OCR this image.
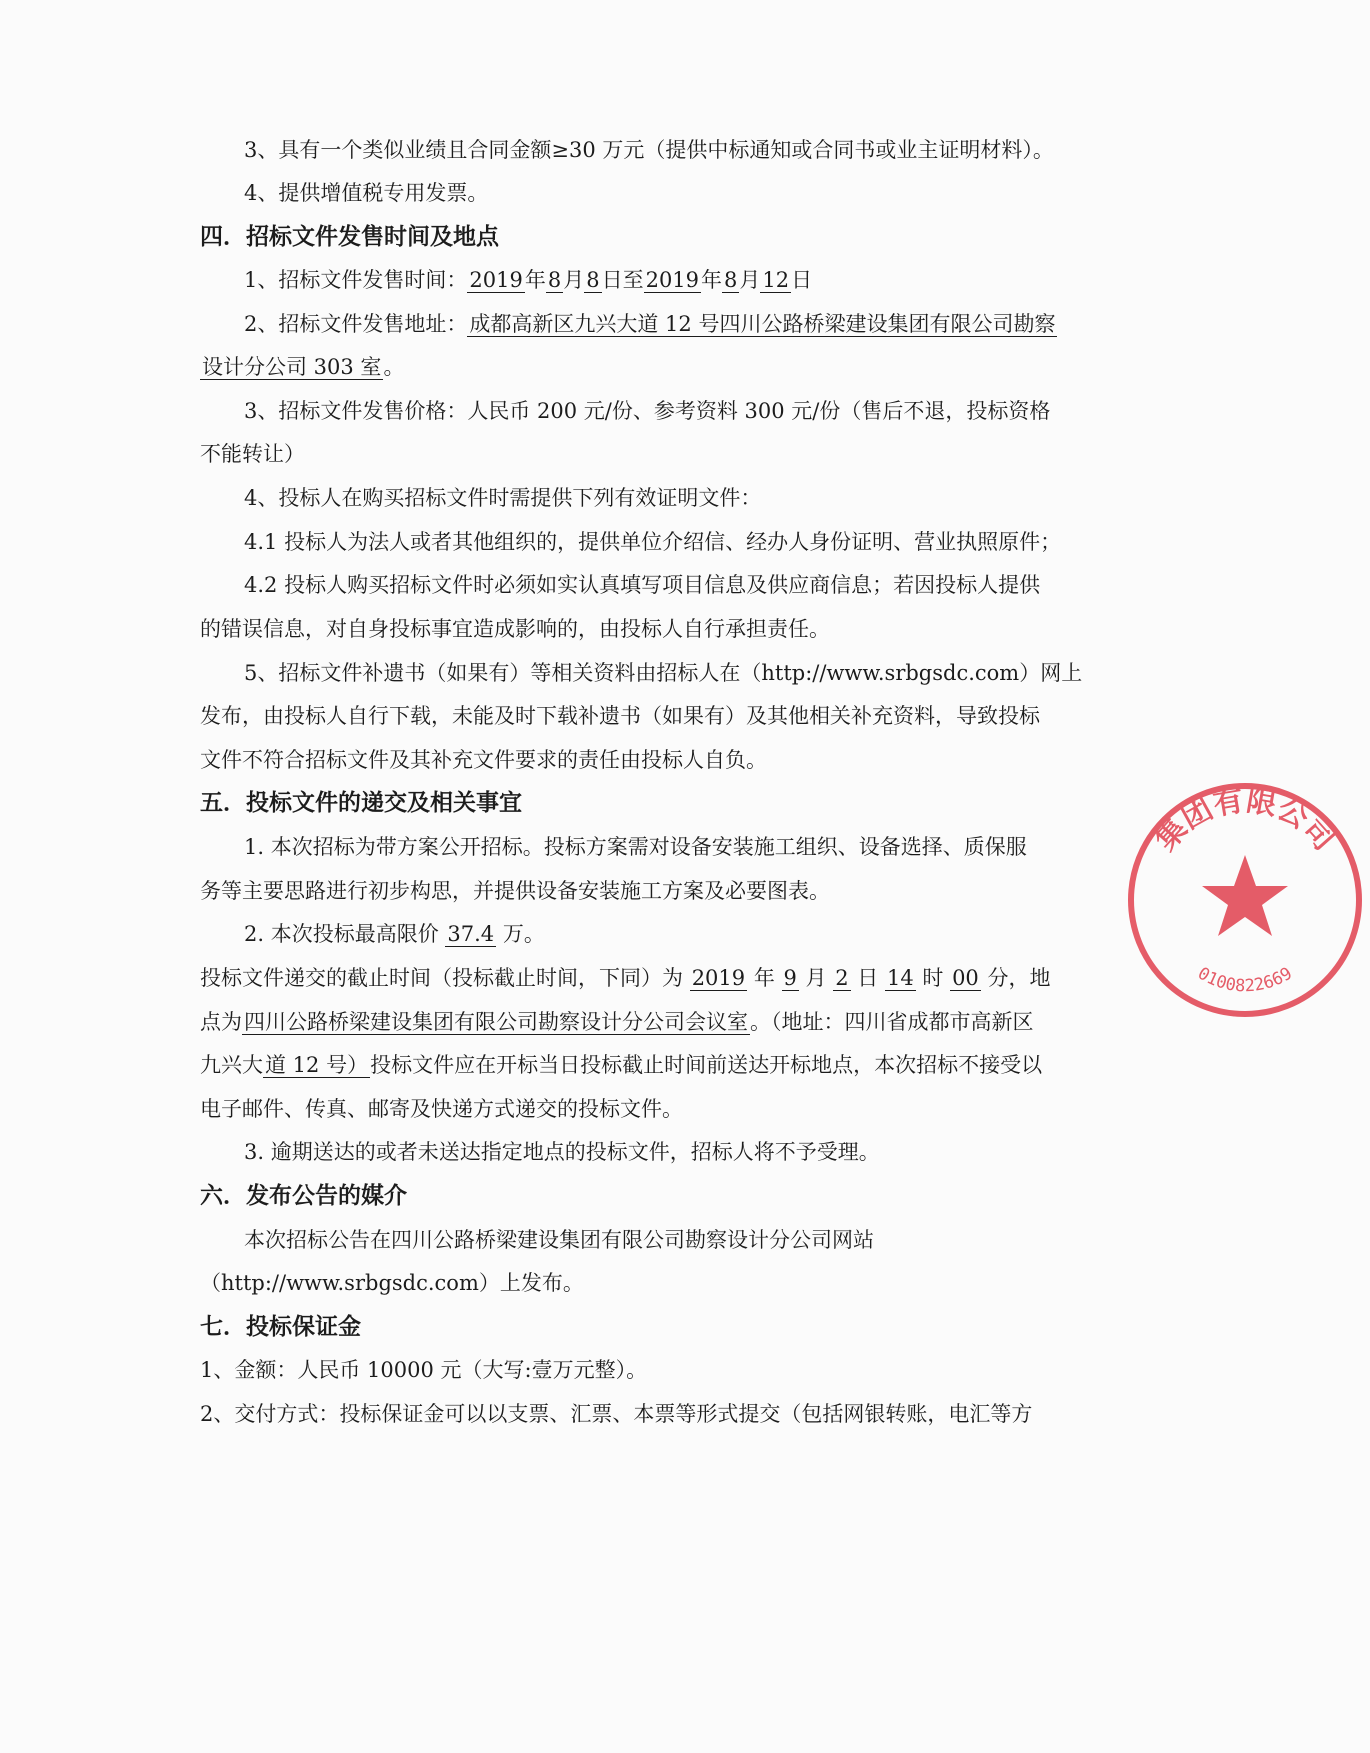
3、具有一个类似业绩且合同金额≥30 万元（提供中标通知或合同书或业主证明材料）。
4、提供增值税专用发票。
四．招标文件发售时间及地点
1、招标文件发售时间：2019年8月8日至2019年8月12日
2、招标文件发售地址：成都高新区九兴大道 12 号四川公路桥梁建设集团有限公司勘察
设计分公司 303 室。
3、招标文件发售价格：人民币 200 元/份、参考资料 300 元/份（售后不退，投标资格
不能转让）
4、投标人在购买招标文件时需提供下列有效证明文件：
4.1 投标人为法人或者其他组织的，提供单位介绍信、经办人身份证明、营业执照原件；
4.2 投标人购买招标文件时必须如实认真填写项目信息及供应商信息；若因投标人提供
的错误信息，对自身投标事宜造成影响的，由投标人自行承担责任。
5、招标文件补遗书（如果有）等相关资料由招标人在（http://www.srbgsdc.com）网上
发布，由投标人自行下载，未能及时下载补遗书（如果有）及其他相关补充资料，导致投标
文件不符合招标文件及其补充文件要求的责任由投标人自负。
五．投标文件的递交及相关事宜
1. 本次招标为带方案公开招标。投标方案需对设备安装施工组织、设备选择、质保服
务等主要思路进行初步构思，并提供设备安装施工方案及必要图表。
2. 本次投标最高限价 37.4 万。
投标文件递交的截止时间（投标截止时间，下同）为 2019 年 9 月 2 日 14 时 00 分，地
点为四川公路桥梁建设集团有限公司勘察设计分公司会议室。（地址：四川省成都市高新区
九兴大道 12 号）投标文件应在开标当日投标截止时间前送达开标地点，本次招标不接受以
电子邮件、传真、邮寄及快递方式递交的投标文件。
3. 逾期送达的或者未送达指定地点的投标文件，招标人将不予受理。
六．发布公告的媒介
本次招标公告在四川公路桥梁建设集团有限公司勘察设计分公司网站
（http://www.srbgsdc.com）上发布。
七．投标保证金
1、金额：人民币 10000 元（大写:壹万元整）。
2、交付方式：投标保证金可以以支票、汇票、本票等形式提交（包括网银转账，电汇等方
集团有限公司
0100822669
